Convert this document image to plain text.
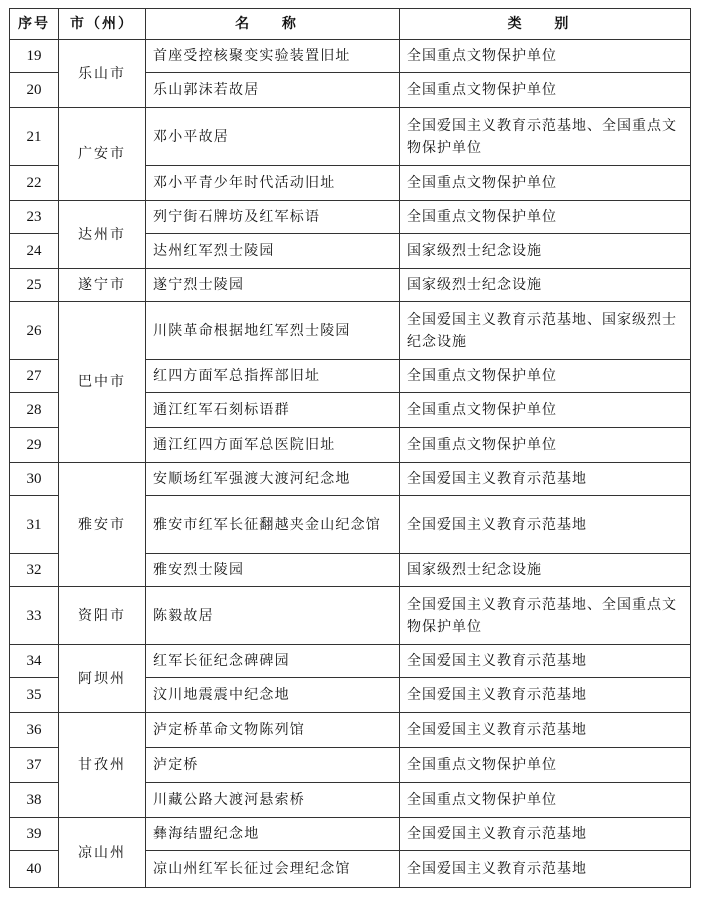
序号	市（州）	名 称	类 别
19	乐山市	首座受控核聚变实验装置旧址	全国重点文物保护单位
20		乐山郭沫若故居	全国重点文物保护单位
21	广安市	邓小平故居	全国爱国主义教育示范基地、全国重点文物保护单位
22		邓小平青少年时代活动旧址	全国重点文物保护单位
23	达州市	列宁街石牌坊及红军标语	全国重点文物保护单位
24		达州红军烈士陵园	国家级烈士纪念设施
25	遂宁市	遂宁烈士陵园	国家级烈士纪念设施
26	巴中市	川陕革命根据地红军烈士陵园	全国爱国主义教育示范基地、国家级烈士纪念设施
27		红四方面军总指挥部旧址	全国重点文物保护单位
28		通江红军石刻标语群	全国重点文物保护单位
29		通江红四方面军总医院旧址	全国重点文物保护单位
30	雅安市	安顺场红军强渡大渡河纪念地	全国爱国主义教育示范基地
31		雅安市红军长征翻越夹金山纪念馆	全国爱国主义教育示范基地
32		雅安烈士陵园	国家级烈士纪念设施
33	资阳市	陈毅故居	全国爱国主义教育示范基地、全国重点文物保护单位
34	阿坝州	红军长征纪念碑碑园	全国爱国主义教育示范基地
35		汶川地震震中纪念地	全国爱国主义教育示范基地
36	甘孜州	泸定桥革命文物陈列馆	全国爱国主义教育示范基地
37		泸定桥	全国重点文物保护单位
38		川藏公路大渡河悬索桥	全国重点文物保护单位
39	凉山州	彝海结盟纪念地	全国爱国主义教育示范基地
40		凉山州红军长征过会理纪念馆	全国爱国主义教育示范基地
